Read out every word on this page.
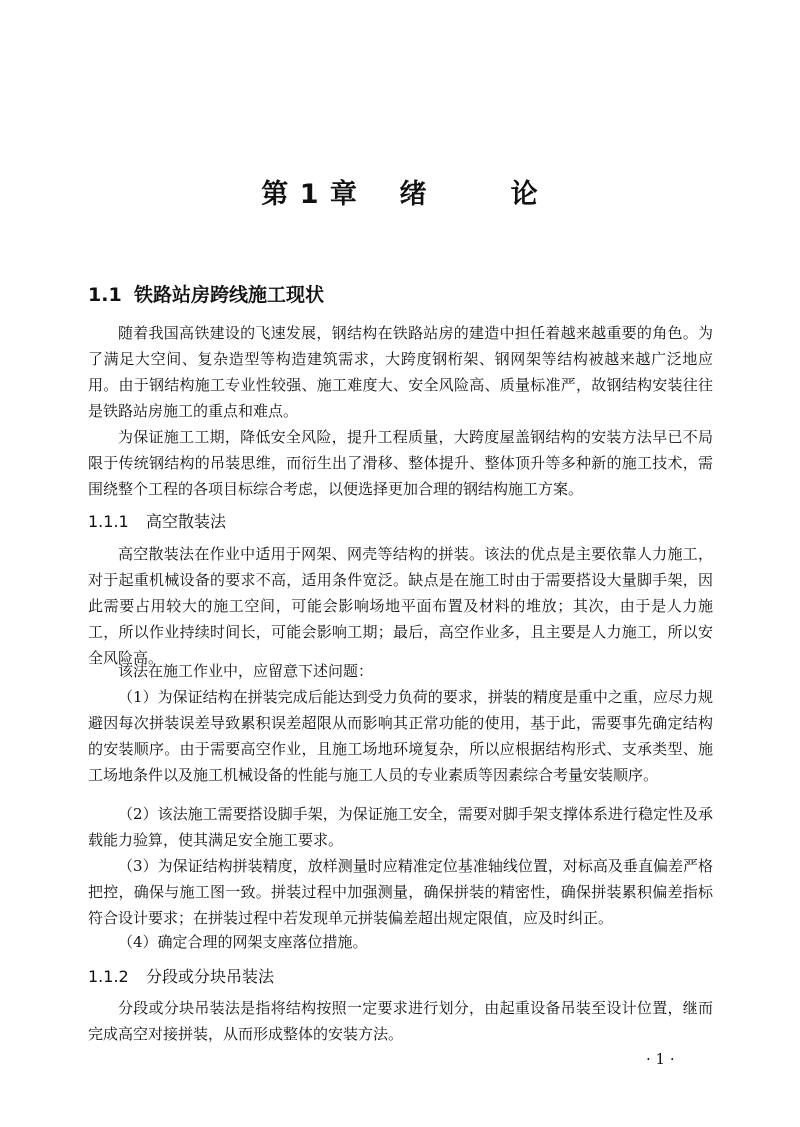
第 1 章    绪        论
1.1 铁路站房跨线施工现状

随着我国高铁建设的飞速发展，钢结构在铁路站房的建造中担任着越来越重要的角色。为了满足大空间、复杂造型等构造建筑需求，大跨度钢桁架、钢网架等结构被越来越广泛地应用。由于钢结构施工专业性较强、施工难度大、安全风险高、质量标准严，故钢结构安装往往是铁路站房施工的重点和难点。

为保证施工工期，降低安全风险，提升工程质量，大跨度屋盖钢结构的安装方法早已不局限于传统钢结构的吊装思维，而衍生出了滑移、整体提升、整体顶升等多种新的施工技术，需围绕整个工程的各项目标综合考虑，以便选择更加合理的钢结构施工方案。

1.1.1 高空散装法

高空散装法在作业中适用于网架、网壳等结构的拼装。该法的优点是主要依靠人力施工，对于起重机械设备的要求不高，适用条件宽泛。缺点是在施工时由于需要搭设大量脚手架，因此需要占用较大的施工空间，可能会影响场地平面布置及材料的堆放；其次，由于是人力施工，所以作业持续时间长，可能会影响工期；最后，高空作业多，且主要是人力施工，所以安全风险高。

该法在施工作业中，应留意下述问题：

（1）为保证结构在拼装完成后能达到受力负荷的要求，拼装的精度是重中之重，应尽力规避因每次拼装误差导致累积误差超限从而影响其正常功能的使用，基于此，需要事先确定结构的安装顺序。由于需要高空作业，且施工场地环境复杂，所以应根据结构形式、支承类型、施工场地条件以及施工机械设备的性能与施工人员的专业素质等因素综合考量安装顺序。

（2）该法施工需要搭设脚手架，为保证施工安全，需要对脚手架支撑体系进行稳定性及承载能力验算，使其满足安全施工要求。

（3）为保证结构拼装精度，放样测量时应精准定位基准轴线位置，对标高及垂直偏差严格把控，确保与施工图一致。拼装过程中加强测量，确保拼装的精密性，确保拼装累积偏差指标符合设计要求；在拼装过程中若发现单元拼装偏差超出规定限值，应及时纠正。

（4）确定合理的网架支座落位措施。

1.1.2 分段或分块吊装法

分段或分块吊装法是指将结构按照一定要求进行划分，由起重设备吊装至设计位置，继而完成高空对接拼装，从而形成整体的安装方法。

· 1 ·
